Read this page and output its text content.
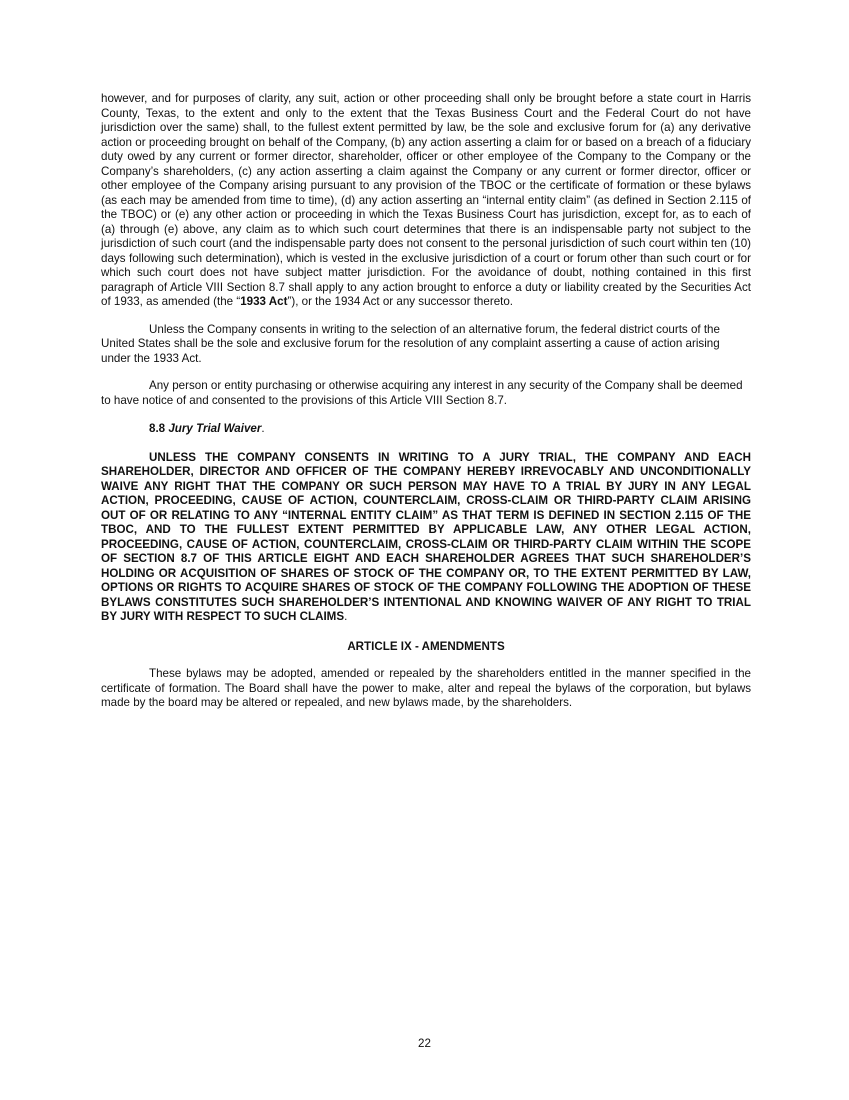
however, and for purposes of clarity, any suit, action or other proceeding shall only be brought before a state court in Harris County, Texas, to the extent and only to the extent that the Texas Business Court and the Federal Court do not have jurisdiction over the same) shall, to the fullest extent permitted by law, be the sole and exclusive forum for (a) any derivative action or proceeding brought on behalf of the Company, (b) any action asserting a claim for or based on a breach of a fiduciary duty owed by any current or former director, shareholder, officer or other employee of the Company to the Company or the Company’s shareholders, (c) any action asserting a claim against the Company or any current or former director, officer or other employee of the Company arising pursuant to any provision of the TBOC or the certificate of formation or these bylaws (as each may be amended from time to time), (d) any action asserting an “internal entity claim” (as defined in Section 2.115 of the TBOC) or (e) any other action or proceeding in which the Texas Business Court has jurisdiction, except for, as to each of (a) through (e) above, any claim as to which such court determines that there is an indispensable party not subject to the jurisdiction of such court (and the indispensable party does not consent to the personal jurisdiction of such court within ten (10) days following such determination), which is vested in the exclusive jurisdiction of a court or forum other than such court or for which such court does not have subject matter jurisdiction. For the avoidance of doubt, nothing contained in this first paragraph of Article VIII Section 8.7 shall apply to any action brought to enforce a duty or liability created by the Securities Act of 1933, as amended (the “1933 Act”), or the 1934 Act or any successor thereto.

Unless the Company consents in writing to the selection of an alternative forum, the federal district courts of the United States shall be the sole and exclusive forum for the resolution of any complaint asserting a cause of action arising under the 1933 Act.

Any person or entity purchasing or otherwise acquiring any interest in any security of the Company shall be deemed to have notice of and consented to the provisions of this Article VIII Section 8.7.

8.8 Jury Trial Waiver.

UNLESS THE COMPANY CONSENTS IN WRITING TO A JURY TRIAL, THE COMPANY AND EACH SHAREHOLDER, DIRECTOR AND OFFICER OF THE COMPANY HEREBY IRREVOCABLY AND UNCONDITIONALLY WAIVE ANY RIGHT THAT THE COMPANY OR SUCH PERSON MAY HAVE TO A TRIAL BY JURY IN ANY LEGAL ACTION, PROCEEDING, CAUSE OF ACTION, COUNTERCLAIM, CROSS-CLAIM OR THIRD-PARTY CLAIM ARISING OUT OF OR RELATING TO ANY “INTERNAL ENTITY CLAIM” AS THAT TERM IS DEFINED IN SECTION 2.115 OF THE TBOC, AND TO THE FULLEST EXTENT PERMITTED BY APPLICABLE LAW, ANY OTHER LEGAL ACTION, PROCEEDING, CAUSE OF ACTION, COUNTERCLAIM, CROSS-CLAIM OR THIRD-PARTY CLAIM WITHIN THE SCOPE OF SECTION 8.7 OF THIS ARTICLE EIGHT AND EACH SHAREHOLDER AGREES THAT SUCH SHAREHOLDER’S HOLDING OR ACQUISITION OF SHARES OF STOCK OF THE COMPANY OR, TO THE EXTENT PERMITTED BY LAW, OPTIONS OR RIGHTS TO ACQUIRE SHARES OF STOCK OF THE COMPANY FOLLOWING THE ADOPTION OF THESE BYLAWS CONSTITUTES SUCH SHAREHOLDER’S INTENTIONAL AND KNOWING WAIVER OF ANY RIGHT TO TRIAL BY JURY WITH RESPECT TO SUCH CLAIMS.

ARTICLE IX - AMENDMENTS

These bylaws may be adopted, amended or repealed by the shareholders entitled in the manner specified in the certificate of formation. The Board shall have the power to make, alter and repeal the bylaws of the corporation, but bylaws made by the board may be altered or repealed, and new bylaws made, by the shareholders.

22
